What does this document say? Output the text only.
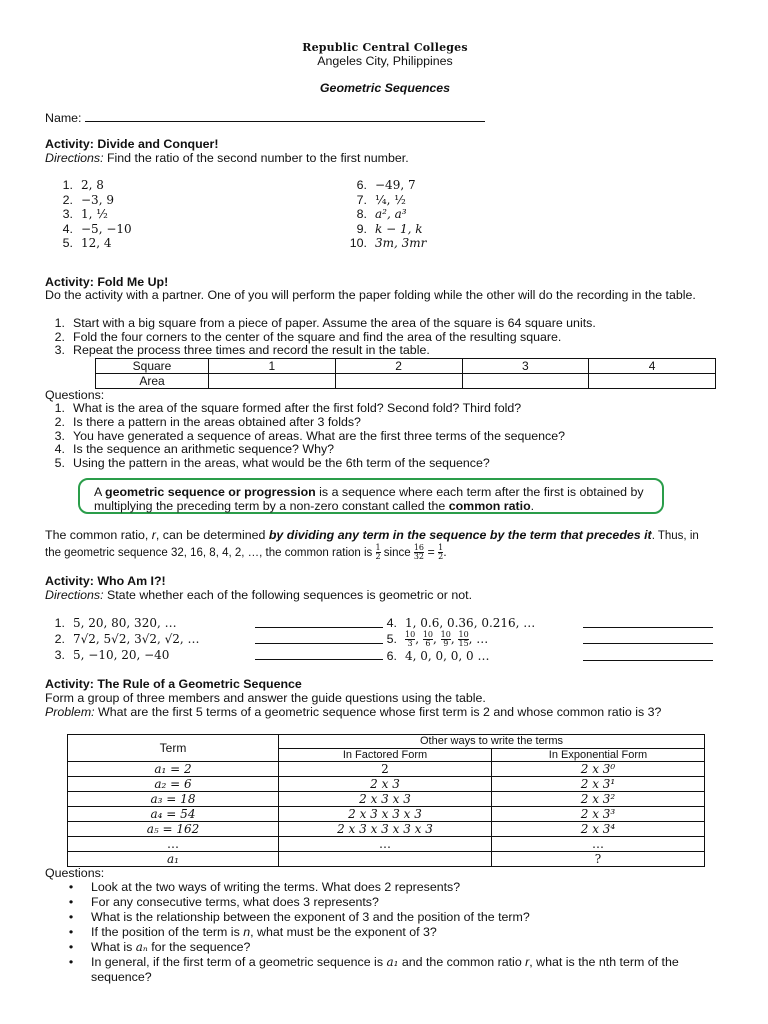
Republic Central Colleges
Angeles City, Philippines
Geometric Sequences
Name:
Activity: Divide and Conquer!
Directions: Find the ratio of the second number to the first number.
1. 2, 8
2. −3, 9
3. 1, ½
4. −5, −10
5. 12, 4
6. −49, 7
7. ¼, ½
8. a², a³
9. k − 1, k
10. 3m, 3mr
Activity: Fold Me Up!
Do the activity with a partner. One of you will perform the paper folding while the other will do the recording in the table.
1. Start with a big square from a piece of paper. Assume the area of the square is 64 square units.
2. Fold the four corners to the center of the square and find the area of the resulting square.
3. Repeat the process three times and record the result in the table.
Square	1	2	3	4
Area				
Questions:
1. What is the area of the square formed after the first fold? Second fold? Third fold?
2. Is there a pattern in the areas obtained after 3 folds?
3. You have generated a sequence of areas. What are the first three terms of the sequence?
4. Is the sequence an arithmetic sequence? Why?
5. Using the pattern in the areas, what would be the 6th term of the sequence?
A geometric sequence or progression is a sequence where each term after the first is obtained by multiplying the preceding term by a non-zero constant called the common ratio.
The common ratio, r, can be determined by dividing any term in the sequence by the term that precedes it. Thus, in the geometric sequence 32, 16, 8, 4, 2, …, the common ration is $\frac{1}{2}$ since $\frac{16}{32} = \frac{1}{2}$ .
Activity: Who Am I?!
Directions: State whether each of the following sequences is geometric or not.
1. 5, 20, 80, 320, …
2. 7√2, 5√2, 3√2, √2, …
3. 5, −10, 20, −40
4. 1, 0.6, 0.36, 0.216, …
5. $\frac{10}{3}$ , $\frac{10}{6}$ , $\frac{10}{9}$ , $\frac{10}{15}$ , …
6. 4, 0, 0, 0, 0 …
Activity: The Rule of a Geometric Sequence
Form a group of three members and answer the guide questions using the table.
Problem: What are the first 5 terms of a geometric sequence whose first term is 2 and whose common ratio is 3?
Term	Other ways to write the terms	
	In Factored Form	In Exponential Form
a₁ = 2	2	2 x 3⁰
a₂ = 6	2 x 3	2 x 3¹
a₃ = 18	2 x 3 x 3	2 x 3²
a₄ = 54	2 x 3 x 3 x 3	2 x 3³
a₅ = 162	2 x 3 x 3 x 3 x 3	2 x 3⁴
…	…	…
a₁		?
Questions:
•	Look at the two ways of writing the terms. What does 2 represents?
•	For any consecutive terms, what does 3 represents?
•	What is the relationship between the exponent of 3 and the position of the term?
•	If the position of the term is n, what must be the exponent of 3?
•	What is aₙ for the sequence?
•	In general, if the first term of a geometric sequence is a₁ and the common ratio r, what is the nth term of the sequence?
